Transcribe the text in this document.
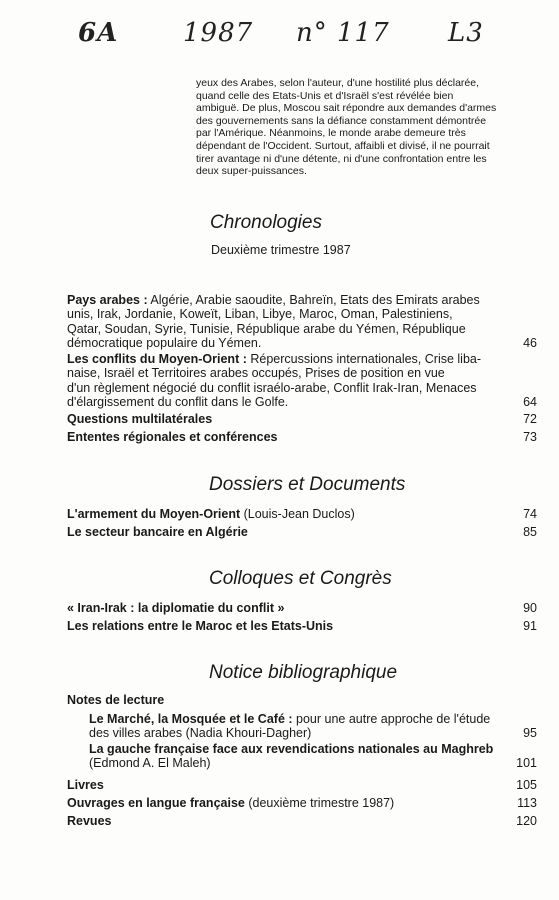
6A 1987 n° 117 L3
yeux des Arabes, selon l'auteur, d'une hostilité plus déclarée,
quand celle des Etats-Unis et d'Israël s'est révélée bien
ambiguë. De plus, Moscou sait répondre aux demandes d'armes
des gouvernements sans la défiance constamment démontrée
par l'Amérique. Néanmoins, le monde arabe demeure très
dépendant de l'Occident. Surtout, affaibli et divisé, il ne pourrait
tirer avantage ni d'une détente, ni d'une confrontation entre les
deux super-puissances.
Chronologies
Deuxième trimestre 1987
Pays arabes : Algérie, Arabie saoudite, Bahreïn, Etats des Emirats arabes
unis, Irak, Jordanie, Koweït, Liban, Libye, Maroc, Oman, Palestiniens,
Qatar, Soudan, Syrie, Tunisie, République arabe du Yémen, République
démocratique populaire du Yémen.	46
Les conflits du Moyen-Orient : Répercussions internationales, Crise liba-
naise, Israël et Territoires arabes occupés, Prises de position en vue
d'un règlement négocié du conflit israélo-arabe, Conflit Irak-Iran, Menaces
d'élargissement du conflit dans le Golfe.	64
Questions multilatérales	72
Ententes régionales et conférences	73
Dossiers et Documents
L'armement du Moyen-Orient (Louis-Jean Duclos)	74
Le secteur bancaire en Algérie	85
Colloques et Congrès
« Iran-Irak : la diplomatie du conflit »	90
Les relations entre le Maroc et les Etats-Unis	91
Notice bibliographique
Notes de lecture
Le Marché, la Mosquée et le Café : pour une autre approche de l'étude
des villes arabes (Nadia Khouri-Dagher)	95
La gauche française face aux revendications nationales au Maghreb
(Edmond A. El Maleh)	101
Livres	105
Ouvrages en langue française (deuxième trimestre 1987)	113
Revues	120
